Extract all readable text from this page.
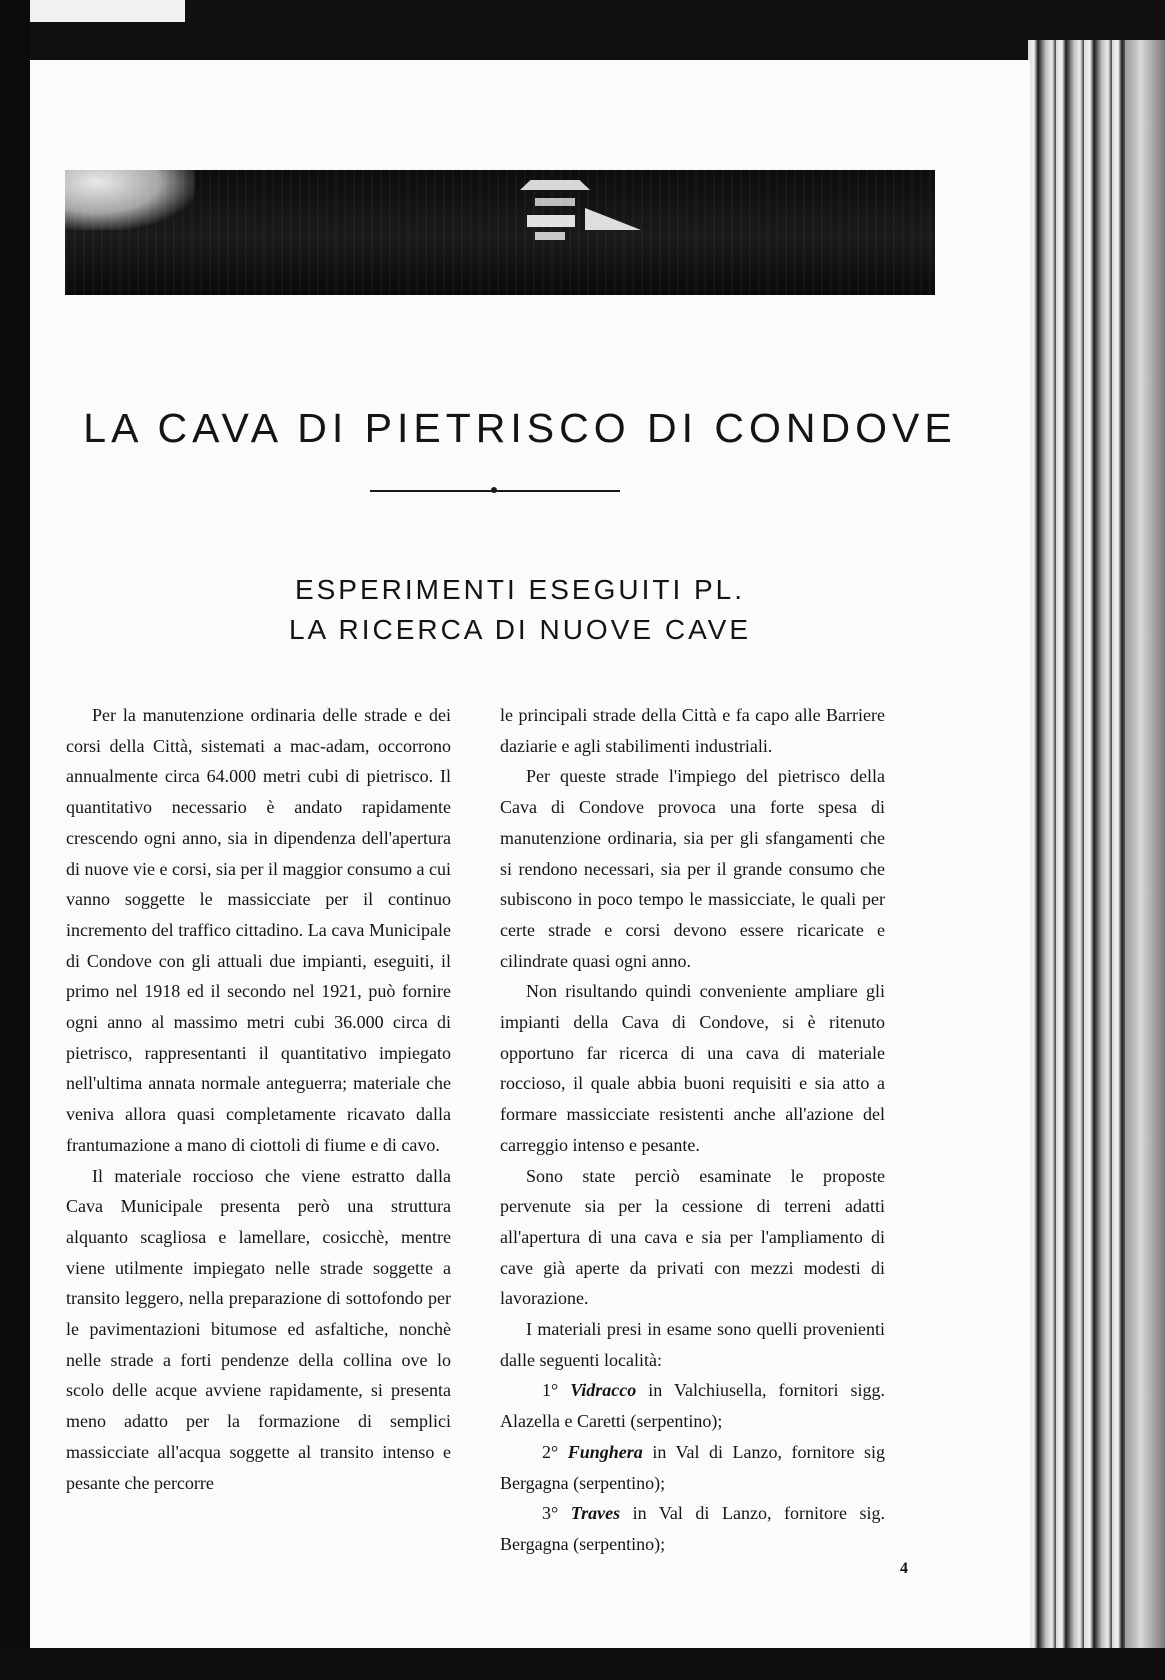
LA CAVA DI PIETRISCO DI CONDOVE
ESPERIMENTI ESEGUITI PL.
LA RICERCA DI NUOVE CAVE

Per la manutenzione ordinaria delle strade e dei corsi della Città, sistemati a mac-adam, occorrono annualmente circa 64.000 metri cubi di pietrisco. Il quantitativo necessario è andato rapidamente crescendo ogni anno, sia in dipendenza dell'apertura di nuove vie e corsi, sia per il maggior consumo a cui vanno soggette le massicciate per il continuo incremento del traffico cittadino. La cava Municipale di Condove con gli attuali due impianti, eseguiti, il primo nel 1918 ed il secondo nel 1921, può fornire ogni anno al massimo metri cubi 36.000 circa di pietrisco, rappresentanti il quantitativo impiegato nell'ultima annata normale anteguerra; materiale che veniva allora quasi completamente ricavato dalla frantumazione a mano di ciottoli di fiume e di cavo.

Il materiale roccioso che viene estratto dalla Cava Municipale presenta però una struttura alquanto scagliosa e lamellare, cosicchè, mentre viene utilmente impiegato nelle strade soggette a transito leggero, nella preparazione di sottofondo per le pavimentazioni bitumose ed asfaltiche, nonchè nelle strade a forti pendenze della collina ove lo scolo delle acque avviene rapidamente, si presenta meno adatto per la formazione di semplici massicciate all'acqua soggette al transito intenso e pesante che percorre

le principali strade della Città e fa capo alle Barriere daziarie e agli stabilimenti industriali.

Per queste strade l'impiego del pietrisco della Cava di Condove provoca una forte spesa di manutenzione ordinaria, sia per gli sfangamenti che si rendono necessari, sia per il grande consumo che subiscono in poco tempo le massicciate, le quali per certe strade e corsi devono essere ricaricate e cilindrate quasi ogni anno.

Non risultando quindi conveniente ampliare gli impianti della Cava di Condove, si è ritenuto opportuno far ricerca di una cava di materiale roccioso, il quale abbia buoni requisiti e sia atto a formare massicciate resistenti anche all'azione del carreggio intenso e pesante.

Sono state perciò esaminate le proposte pervenute sia per la cessione di terreni adatti all'apertura di una cava e sia per l'ampliamento di cave già aperte da privati con mezzi modesti di lavorazione.

I materiali presi in esame sono quelli provenienti dalle seguenti località:

1° Vidracco in Valchiusella, fornitori sigg. Alazella e Caretti (serpentino);

2° Funghera in Val di Lanzo, fornitore sig Bergagna (serpentino);

3° Traves in Val di Lanzo, fornitore sig. Bergagna (serpentino);

4
